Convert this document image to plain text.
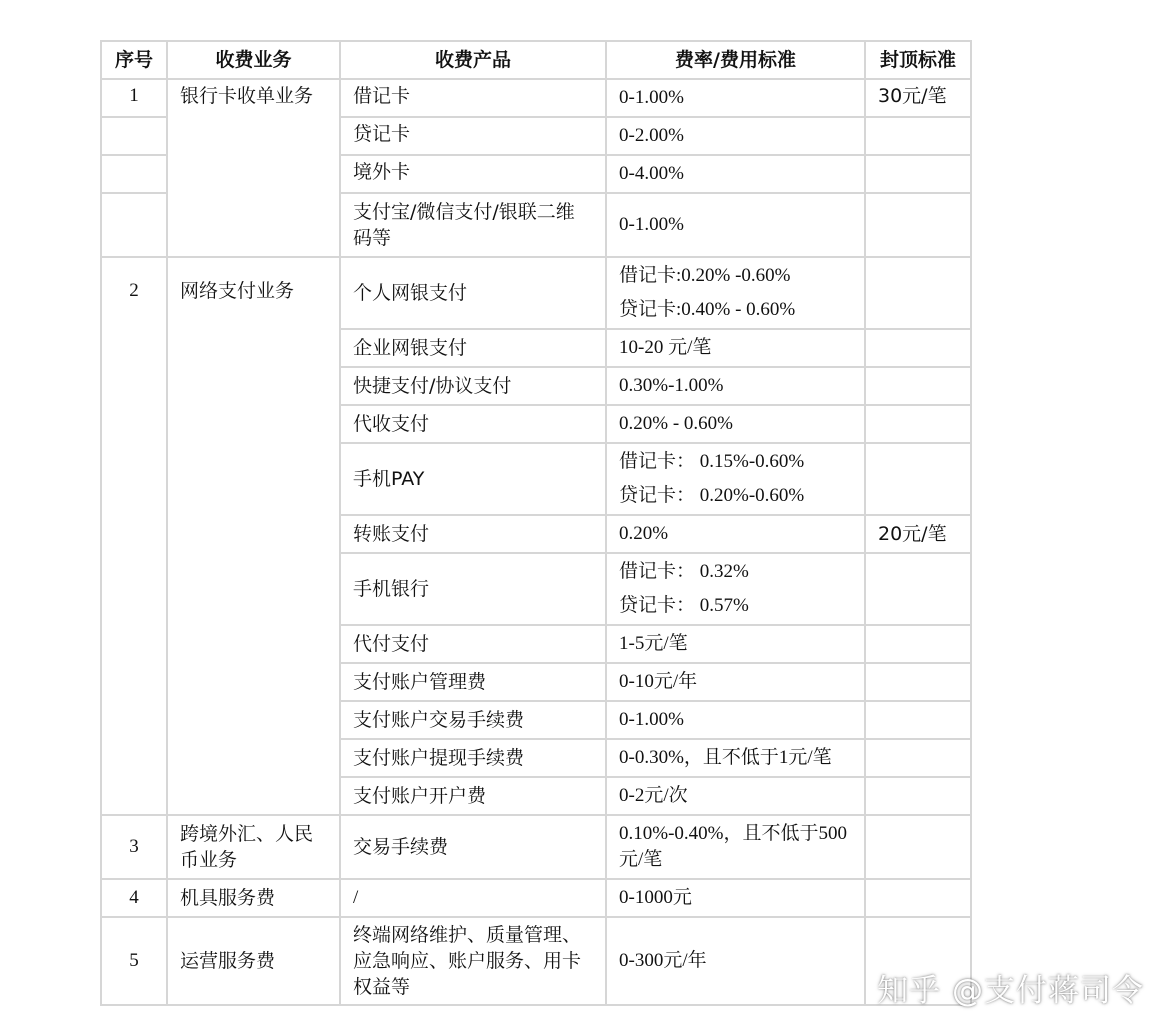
序号	收费业务	收费产品	费率/费用标准	封顶标准
1	银行卡收单业务	借记卡	0-1.00%	30元/笔
		贷记卡	0-2.00%	

		境外卡	0-4.00%	

		支付宝/微信支付/银联二维码等	0-1.00%	

2	网络支付业务	个人网银支付	借记卡:0.20% -0.60%
贷记卡:0.40% - 0.60%	

		企业网银支付	10-20 元/笔	

		快捷支付/协议支付	0.30%-1.00%	

		代收支付	0.20% - 0.60%	

		手机PAY	借记卡： 0.15%-0.60%
贷记卡： 0.20%-0.60%	

		转账支付	0.20%	20元/笔
		手机银行	借记卡： 0.32%
贷记卡： 0.57%	

		代付支付	1-5元/笔	

		支付账户管理费	0-10元/年	

		支付账户交易手续费	0-1.00%	

		支付账户提现手续费	0-0.30%，且不低于1元/笔	

		支付账户开户费	0-2元/次	

3	跨境外汇、人民币业务	交易手续费	0.10%-0.40%，且不低于500元/笔	
4	机具服务费	/	0-1000元	

5	运营服务费	终端网络维护、质量管理、应急响应、账户服务、用卡权益等	0-300元/年	

知乎 @支付蒋司令
